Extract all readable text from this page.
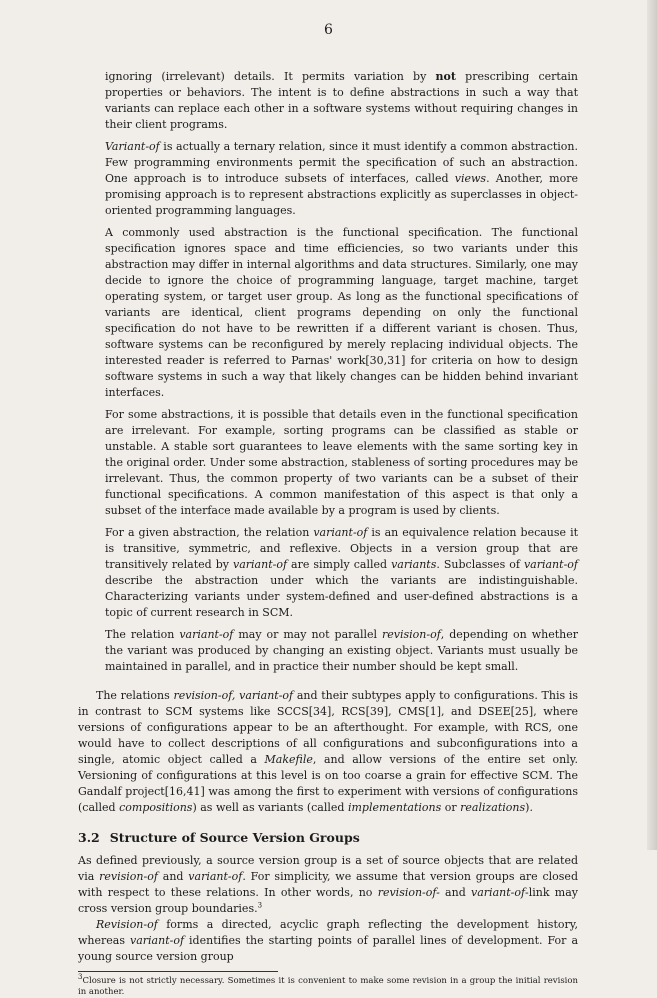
6

ignoring (irrelevant) details. It permits variation by not prescribing certain properties or behaviors. The intent is to define abstractions in such a way that variants can replace each other in a software systems without requiring changes in their client programs.

Variant-of is actually a ternary relation, since it must identify a common abstraction. Few programming environments permit the specification of such an abstraction. One approach is to introduce subsets of interfaces, called views. Another, more promising approach is to represent abstractions explicitly as superclasses in object-oriented programming languages.

A commonly used abstraction is the functional specification. The functional specification ignores space and time efficiencies, so two variants under this abstraction may differ in internal algorithms and data structures. Similarly, one may decide to ignore the choice of programming language, target machine, target operating system, or target user group. As long as the functional specifications of variants are identical, client programs depending on only the functional specification do not have to be rewritten if a different variant is chosen. Thus, software systems can be reconfigured by merely replacing individual objects. The interested reader is referred to Parnas' work[30,31] for criteria on how to design software systems in such a way that likely changes can be hidden behind invariant interfaces.

For some abstractions, it is possible that details even in the functional specification are irrelevant. For example, sorting programs can be classified as stable or unstable. A stable sort guarantees to leave elements with the same sorting key in the original order. Under some abstraction, stableness of sorting procedures may be irrelevant. Thus, the common property of two variants can be a subset of their functional specifications. A common manifestation of this aspect is that only a subset of the interface made available by a program is used by clients.

For a given abstraction, the relation variant-of is an equivalence relation because it is transitive, symmetric, and reflexive. Objects in a version group that are transitively related by variant-of are simply called variants. Subclasses of variant-of describe the abstraction under which the variants are indistinguishable. Characterizing variants under system-defined and user-defined abstractions is a topic of current research in SCM.

The relation variant-of may or may not parallel revision-of, depending on whether the variant was produced by changing an existing object. Variants must usually be maintained in parallel, and in practice their number should be kept small.

The relations revision-of, variant-of and their subtypes apply to configurations. This is in contrast to SCM systems like SCCS[34], RCS[39], CMS[1], and DSEE[25], where versions of configurations appear to be an afterthought. For example, with RCS, one would have to collect descriptions of all configurations and subconfigurations into a single, atomic object called a Makefile, and allow versions of the entire set only. Versioning of configurations at this level is on too coarse a grain for effective SCM. The Gandalf project[16,41] was among the first to experiment with versions of configurations (called compositions) as well as variants (called implementations or realizations).

3.2 Structure of Source Version Groups

As defined previously, a source version group is a set of source objects that are related via revision-of and variant-of. For simplicity, we assume that version groups are closed with respect to these relations. In other words, no revision-of- and variant-of-link may cross version group boundaries.$^3$

Revision-of forms a directed, acyclic graph reflecting the development history, whereas variant-of identifies the starting points of parallel lines of development. For a young source version group

$^3$Closure is not strictly necessary. Sometimes it is convenient to make some revision in a group the initial revision in another.
